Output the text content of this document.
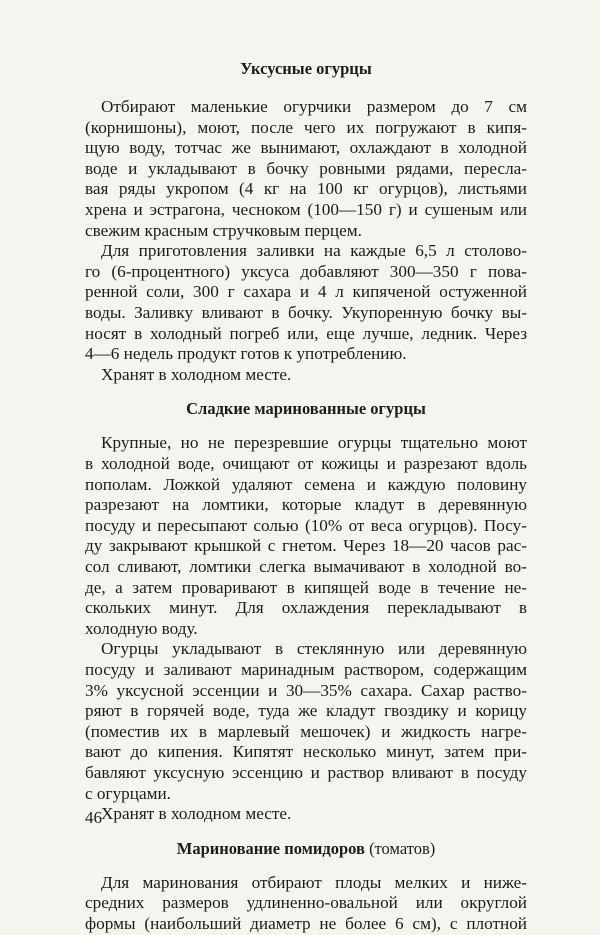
Уксусные огурцы
Отбирают маленькие огурчики размером до 7 см
(корнишоны), моют, после чего их погружают в кипя-
щую воду, тотчас же вынимают, охлаждают в холодной
воде и укладывают в бочку ровными рядами, пересла-
вая ряды укропом (4 кг на 100 кг огурцов), листьями
хрена и эстрагона, чесноком (100—150 г) и сушеным или
свежим красным стручковым перцем.
Для приготовления заливки на каждые 6,5 л столово-
го (6-процентного) уксуса добавляют 300—350 г пова-
ренной соли, 300 г сахара и 4 л кипяченой остуженной
воды. Заливку вливают в бочку. Укупоренную бочку вы-
носят в холодный погреб или, еще лучше, ледник. Через
4—6 недель продукт готов к употреблению.
Хранят в холодном месте.
Сладкие маринованные огурцы
Крупные, но не перезревшие огурцы тщательно моют
в холодной воде, очищают от кожицы и разрезают вдоль
пополам. Ложкой удаляют семена и каждую половину
разрезают на ломтики, которые кладут в деревянную
посуду и пересыпают солью (10% от веса огурцов). Посу-
ду закрывают крышкой с гнетом. Через 18—20 часов рас-
сол сливают, ломтики слегка вымачивают в холодной во-
де, а затем проваривают в кипящей воде в течение не-
скольких минут. Для охлаждения перекладывают в
холодную воду.
Огурцы укладывают в стеклянную или деревянную
посуду и заливают маринадным раствором, содержащим
3% уксусной эссенции и 30—35% сахара. Сахар раство-
ряют в горячей воде, туда же кладут гвоздику и корицу
(поместив их в марлевый мешочек) и жидкость нагре-
вают до кипения. Кипятят несколько минут, затем при-
бавляют уксусную эссенцию и раствор вливают в посуду
с огурцами.
Хранят в холодном месте.
Маринование помидоров (томатов)
Для маринования отбирают плоды мелких и ниже-
средних размеров удлиненно-овальной или округлой
формы (наибольший диаметр не более 6 см), с плотной
46
